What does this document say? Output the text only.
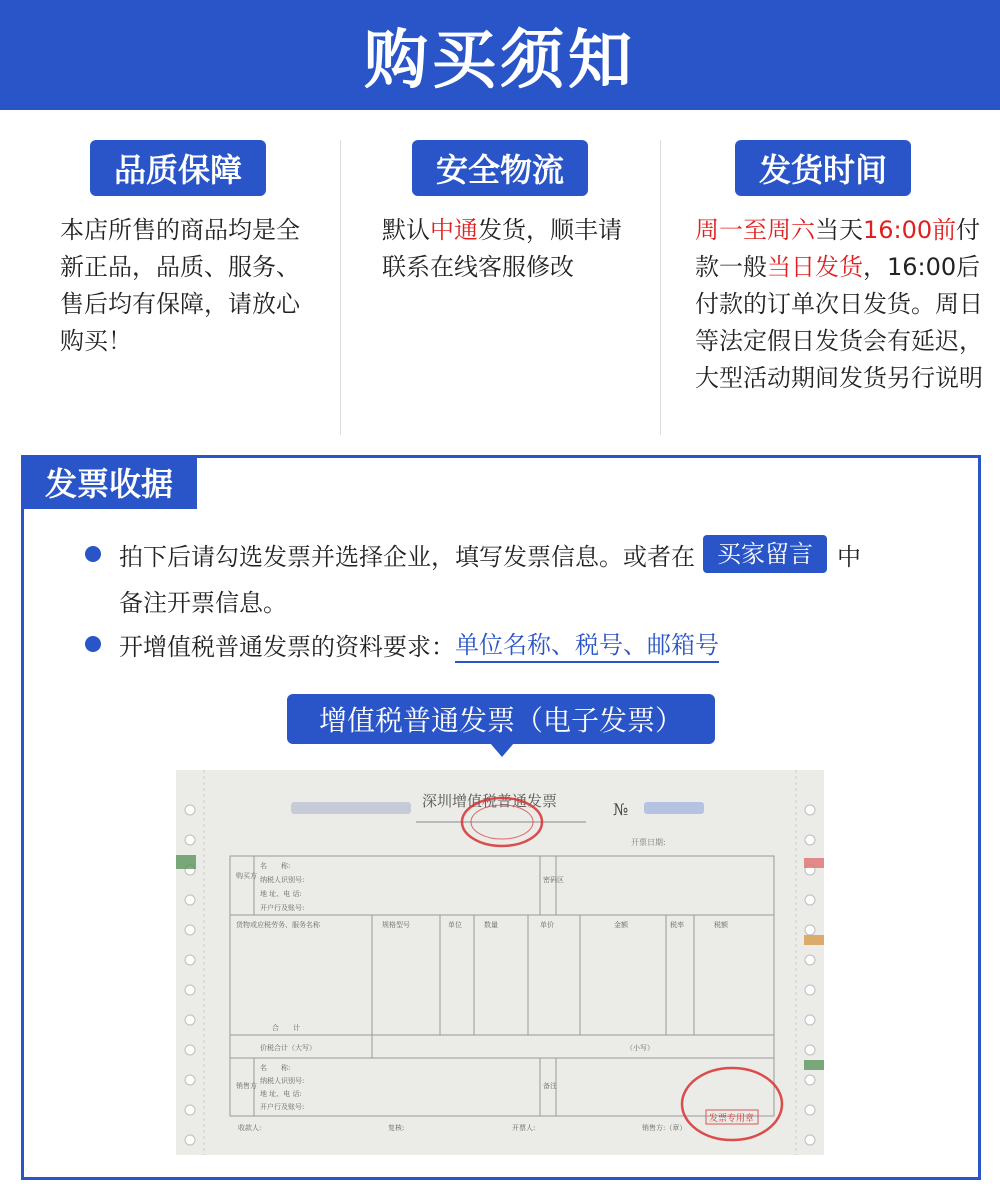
购买须知
品质保障
本店所售的商品均是全新正品，品质、服务、售后均有保障，请放心购买！
安全物流
默认中通发货，顺丰请联系在线客服修改
发货时间
周一至周六当天16:00前付款一般当日发货，16:00后付款的订单次日发货。周日等法定假日发货会有延迟，大型活动期间发货另行说明
发票收据
拍下后请勾选发票并选择企业，填写发票信息。或者在 买家留言	中
备注开票信息。
开增值税普通发票的资料要求： 单位名称 、 税号 、 邮箱号
增值税普通发票（电子发票）
深圳增值税普通发票	№
开票日期:
购买方
名　　称:
纳税人识别号:
地 址、电 话:
开户行及账号:
密码区
货物或应税劳务、服务名称	规格型号	单位	数量	单价	金额	税率	税额
合　　计
价税合计（大写）	（小写）
销售方
名　　称:
纳税人识别号:
地 址、电 话:
开户行及账号:
备注
收款人:	复核:	开票人:	销售方:（章）
发票专用章
